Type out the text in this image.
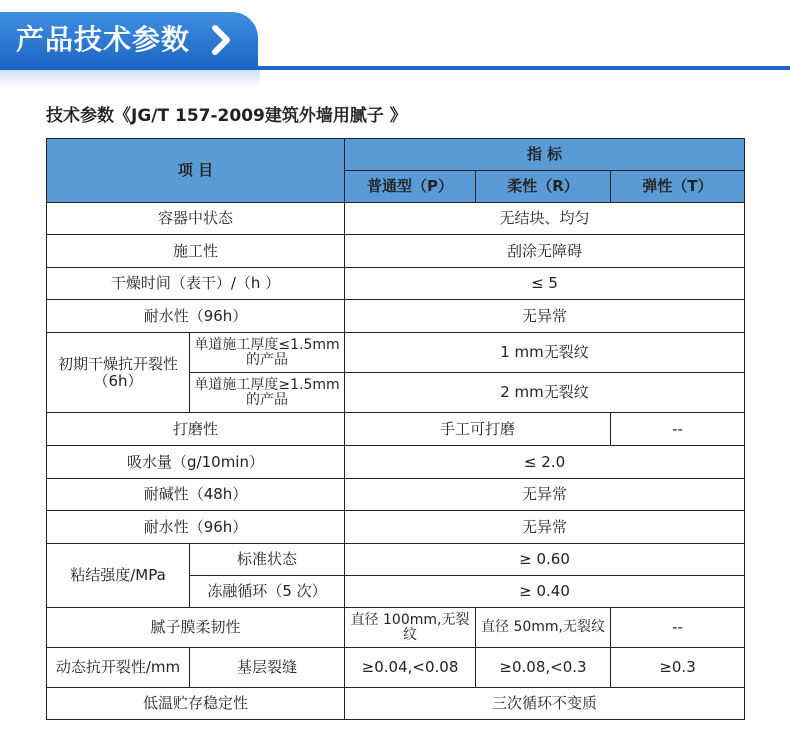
产品技术参数
技术参数《JG/T 157-2009建筑外墙用腻子 》
项 目		指 标		
		普通型（P）	柔性（R）	弹性（T）
容器中状态		无结块、均匀		
施工性		刮涂无障碍		
干燥时间（表干）/（h ）		≤ 5		
耐水性（96h）		无异常		
初期干燥抗开裂性（6h）	单道施工厚度≤1.5mm的产品	1 mm无裂纹		
	单道施工厚度≥1.5mm的产品	2 mm无裂纹		
打磨性		手工可打磨		--
吸水量（g/10min）		≤ 2.0		
耐碱性（48h）		无异常		
耐水性（96h）		无异常		
粘结强度/MPa	标准状态	≥ 0.60		
	冻融循环（5 次）	≥ 0.40		
腻子膜柔韧性		直径 100mm,无裂纹	直径 50mm,无裂纹	--
动态抗开裂性/mm	基层裂缝	≥0.04,<0.08	≥0.08,<0.3	≥0.3
低温贮存稳定性		三次循环不变质		
